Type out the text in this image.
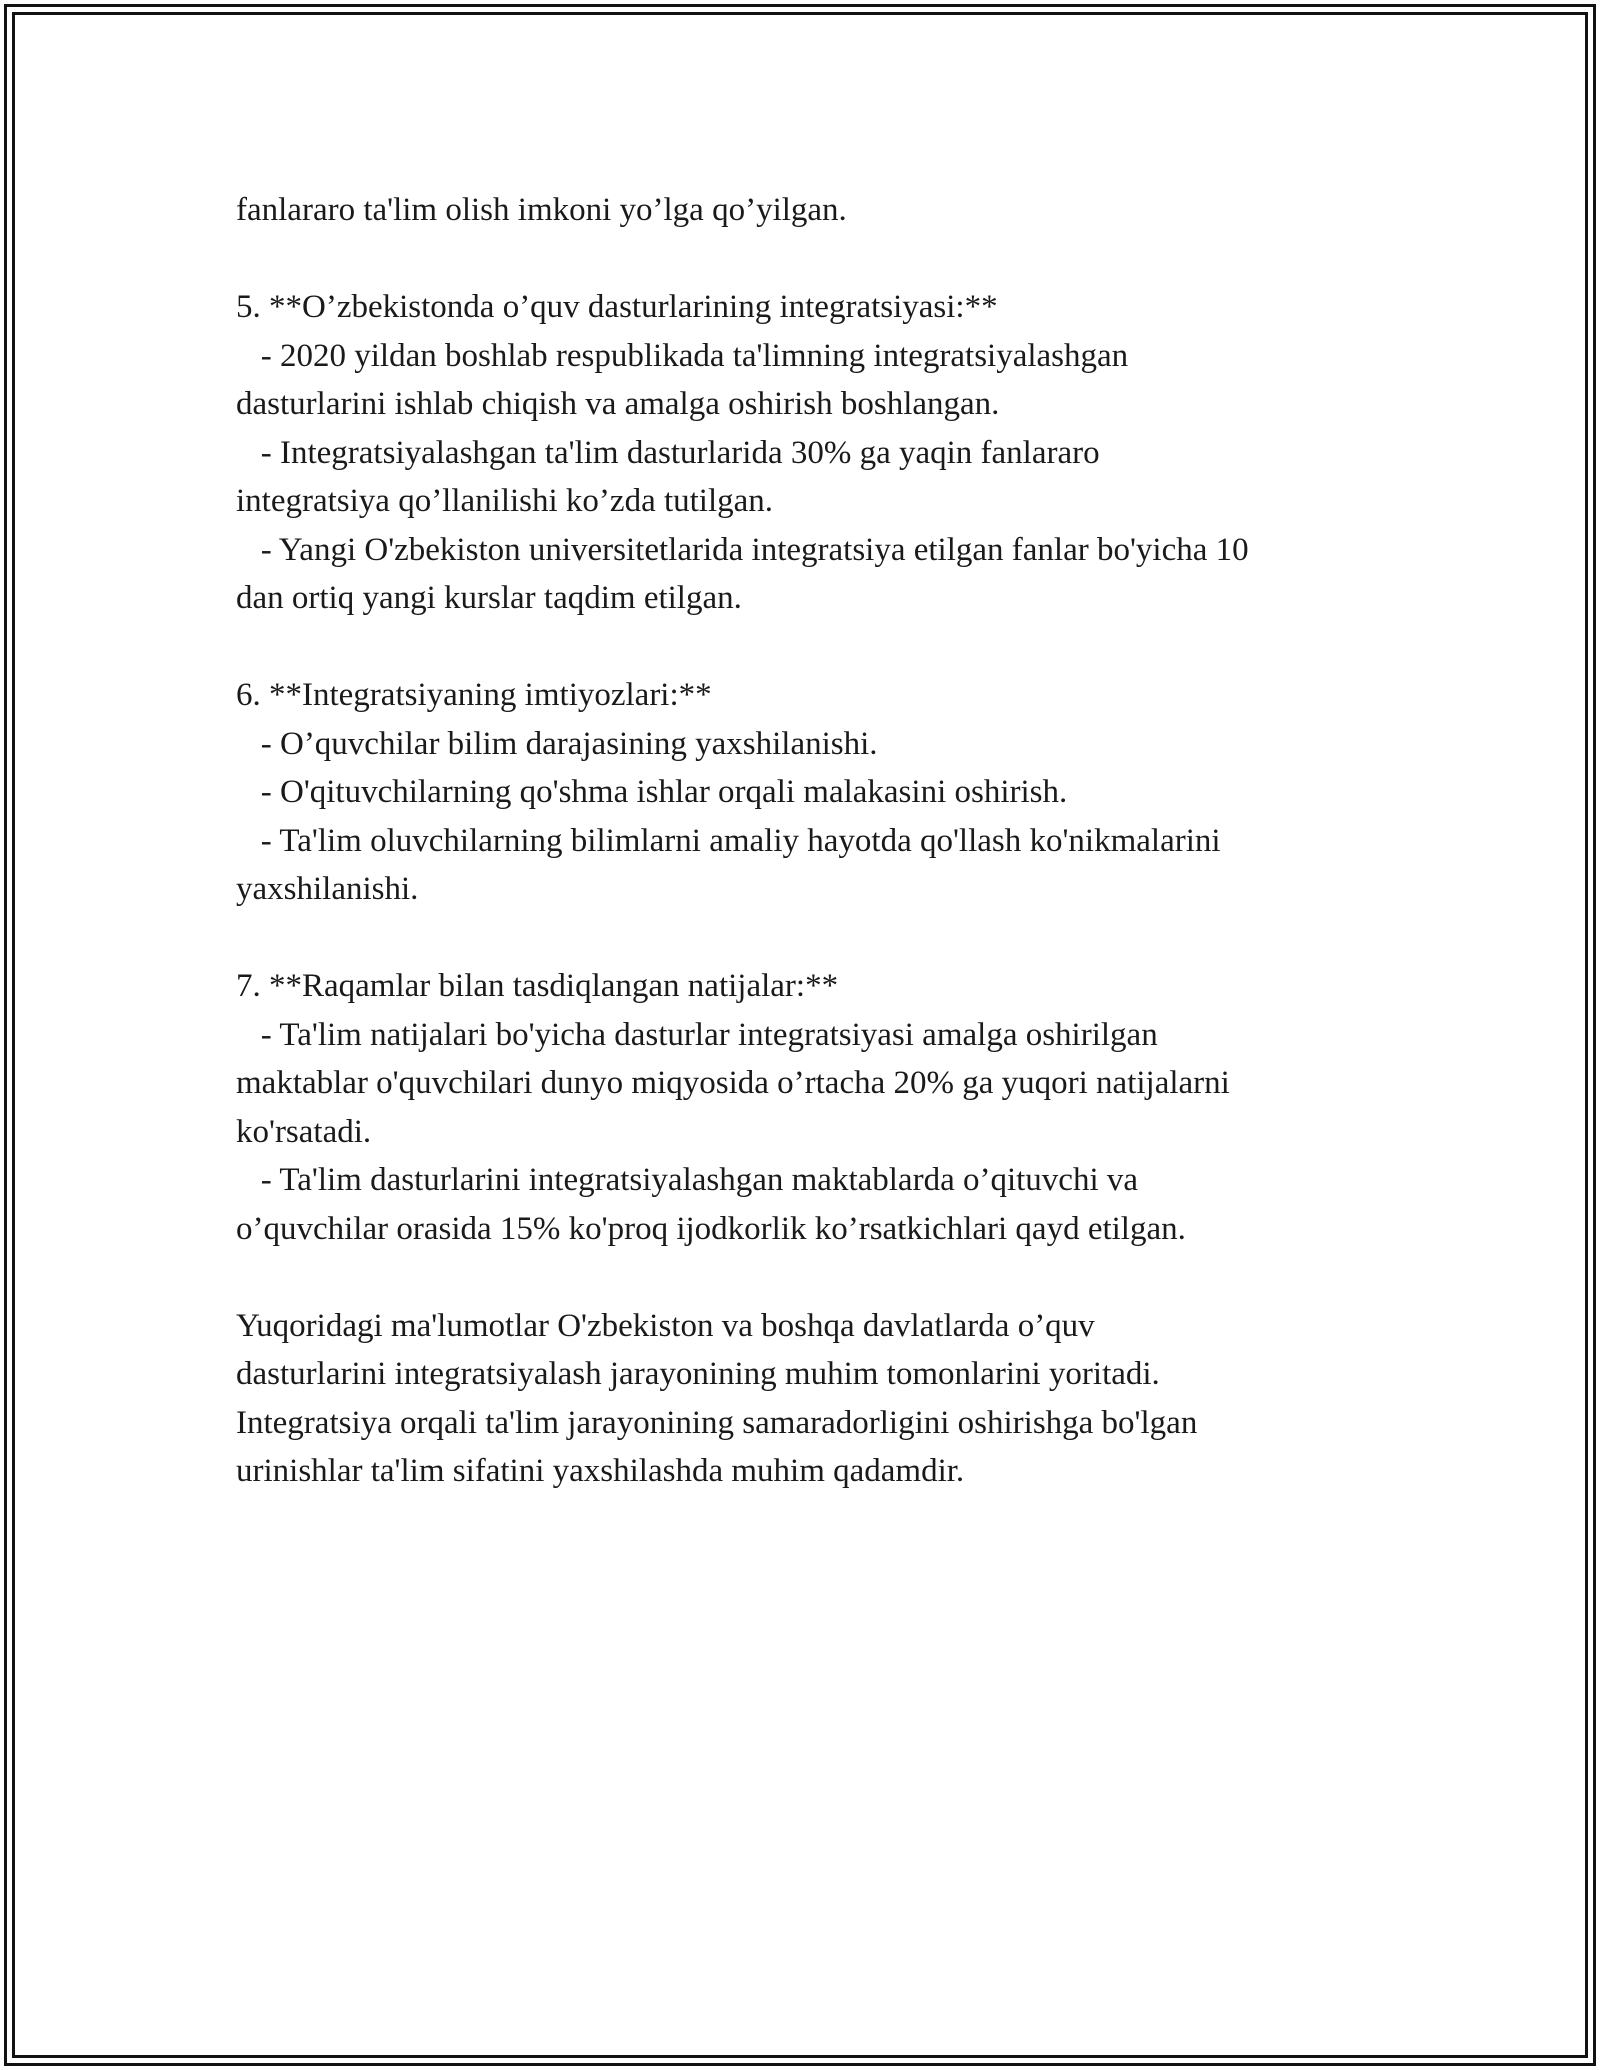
fanlararo ta'lim olish imkoni yo’lga qo’yilgan.
5. **O’zbekistonda o’quv dasturlarining integratsiyasi:**
- 2020 yildan boshlab respublikada ta'limning integratsiyalashgan
dasturlarini ishlab chiqish va amalga oshirish boshlangan.
- Integratsiyalashgan ta'lim dasturlarida 30% ga yaqin fanlararo
integratsiya qo’llanilishi ko’zda tutilgan.
- Yangi O'zbekiston universitetlarida integratsiya etilgan fanlar bo'yicha 10
dan ortiq yangi kurslar taqdim etilgan.
6. **Integratsiyaning imtiyozlari:**
- O’quvchilar bilim darajasining yaxshilanishi.
- O'qituvchilarning qo'shma ishlar orqali malakasini oshirish.
- Ta'lim oluvchilarning bilimlarni amaliy hayotda qo'llash ko'nikmalarini
yaxshilanishi.
7. **Raqamlar bilan tasdiqlangan natijalar:**
- Ta'lim natijalari bo'yicha dasturlar integratsiyasi amalga oshirilgan
maktablar o'quvchilari dunyo miqyosida o’rtacha 20% ga yuqori natijalarni
ko'rsatadi.
- Ta'lim dasturlarini integratsiyalashgan maktablarda o’qituvchi va
o’quvchilar orasida 15% ko'proq ijodkorlik ko’rsatkichlari qayd etilgan.
Yuqoridagi ma'lumotlar O'zbekiston va boshqa davlatlarda o’quv
dasturlarini integratsiyalash jarayonining muhim tomonlarini yoritadi.
Integratsiya orqali ta'lim jarayonining samaradorligini oshirishga bo'lgan
urinishlar ta'lim sifatini yaxshilashda muhim qadamdir.
